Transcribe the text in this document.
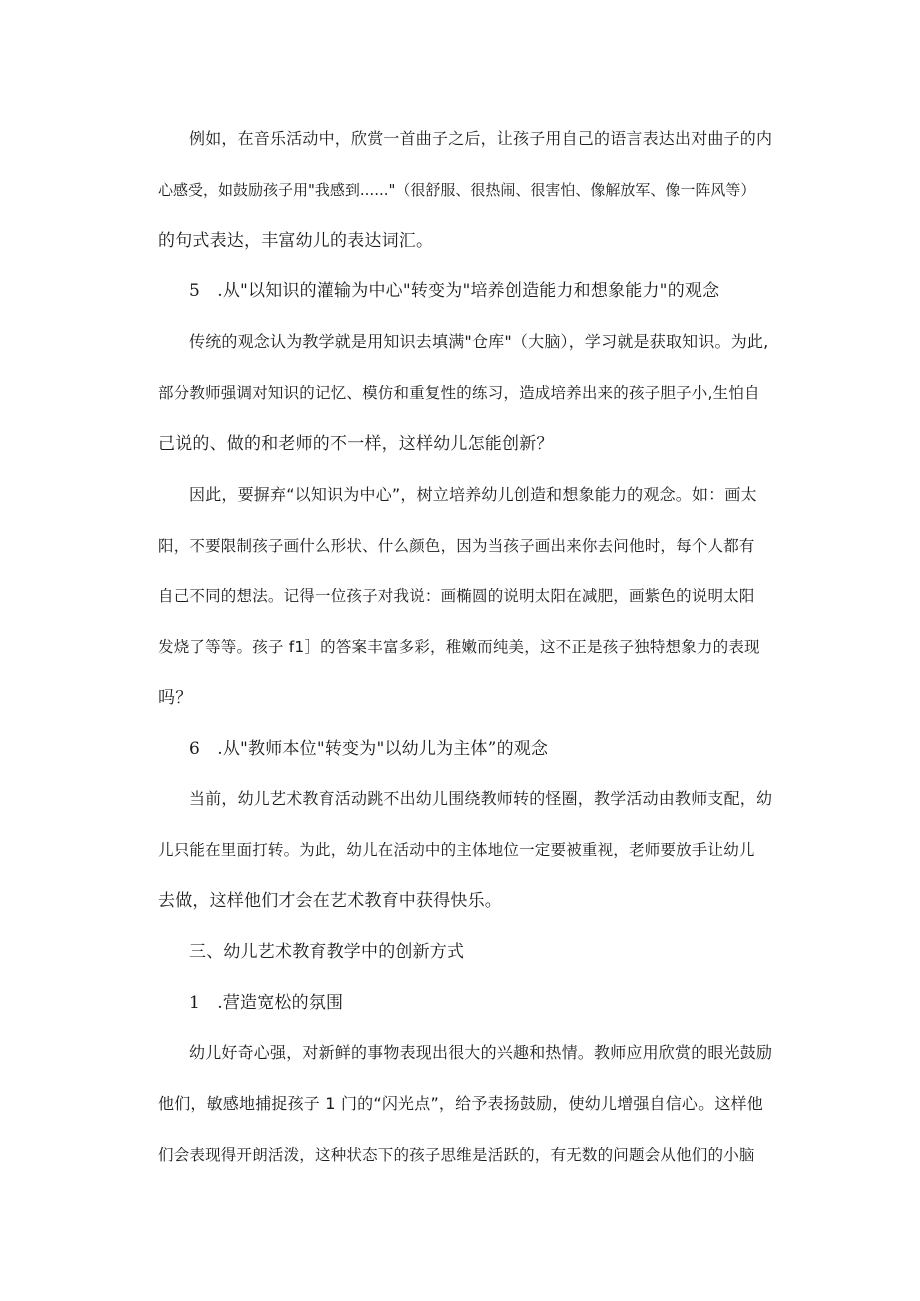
例如，在音乐活动中，欣赏一首曲子之后，让孩子用自己的语言表达出对曲子的内
心感受，如鼓励孩子用"我感到......"（很舒服、很热闹、很害怕、像解放军、像一阵风等）
的句式表达，丰富幼儿的表达词汇。
5　.从"以知识的灌输为中心"转变为"培养创造能力和想象能力"的观念
传统的观念认为教学就是用知识去填满"仓库"（大脑），学习就是获取知识。为此,
部分教师强调对知识的记忆、模仿和重复性的练习，造成培养出来的孩子胆子小,生怕自
己说的、做的和老师的不一样，这样幼儿怎能创新？
因此，要摒弃“以知识为中心”，树立培养幼儿创造和想象能力的观念。如：画太
阳，不要限制孩子画什么形状、什么颜色，因为当孩子画出来你去问他时，每个人都有
自己不同的想法。记得一位孩子对我说：画椭圆的说明太阳在减肥，画紫色的说明太阳
发烧了等等。孩子 f1］的答案丰富多彩，稚嫩而纯美，这不正是孩子独特想象力的表现
吗？
6　.从"教师本位"转变为"以幼儿为主体”的观念
当前，幼儿艺术教育活动跳不出幼儿围绕教师转的怪圈，教学活动由教师支配，幼
儿只能在里面打转。为此，幼儿在活动中的主体地位一定要被重视，老师要放手让幼儿
去做，这样他们才会在艺术教育中获得快乐。
三、幼儿艺术教育教学中的创新方式
1　.营造宽松的氛围
幼儿好奇心强，对新鲜的事物表现出很大的兴趣和热情。教师应用欣赏的眼光鼓励
他们，敏感地捕捉孩子 1 门的“闪光点”，给予表扬鼓励，使幼儿增强自信心。这样他
们会表现得开朗活泼，这种状态下的孩子思维是活跃的，有无数的问题会从他们的小脑
